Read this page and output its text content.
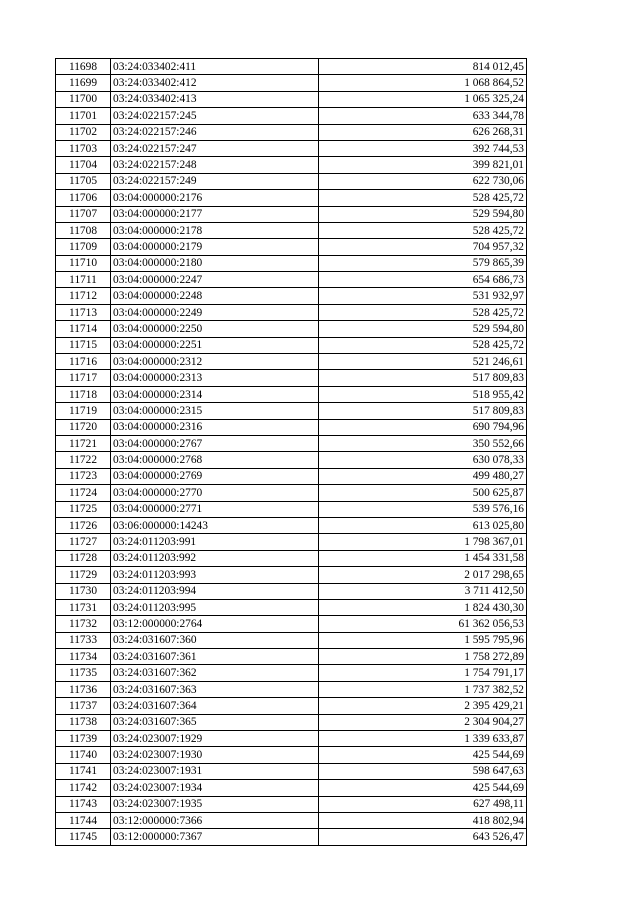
11698	03:24:033402:411	814 012,45
11699	03:24:033402:412	1 068 864,52
11700	03:24:033402:413	1 065 325,24
11701	03:24:022157:245	633 344,78
11702	03:24:022157:246	626 268,31
11703	03:24:022157:247	392 744,53
11704	03:24:022157:248	399 821,01
11705	03:24:022157:249	622 730,06
11706	03:04:000000:2176	528 425,72
11707	03:04:000000:2177	529 594,80
11708	03:04:000000:2178	528 425,72
11709	03:04:000000:2179	704 957,32
11710	03:04:000000:2180	579 865,39
11711	03:04:000000:2247	654 686,73
11712	03:04:000000:2248	531 932,97
11713	03:04:000000:2249	528 425,72
11714	03:04:000000:2250	529 594,80
11715	03:04:000000:2251	528 425,72
11716	03:04:000000:2312	521 246,61
11717	03:04:000000:2313	517 809,83
11718	03:04:000000:2314	518 955,42
11719	03:04:000000:2315	517 809,83
11720	03:04:000000:2316	690 794,96
11721	03:04:000000:2767	350 552,66
11722	03:04:000000:2768	630 078,33
11723	03:04:000000:2769	499 480,27
11724	03:04:000000:2770	500 625,87
11725	03:04:000000:2771	539 576,16
11726	03:06:000000:14243	613 025,80
11727	03:24:011203:991	1 798 367,01
11728	03:24:011203:992	1 454 331,58
11729	03:24:011203:993	2 017 298,65
11730	03:24:011203:994	3 711 412,50
11731	03:24:011203:995	1 824 430,30
11732	03:12:000000:2764	61 362 056,53
11733	03:24:031607:360	1 595 795,96
11734	03:24:031607:361	1 758 272,89
11735	03:24:031607:362	1 754 791,17
11736	03:24:031607:363	1 737 382,52
11737	03:24:031607:364	2 395 429,21
11738	03:24:031607:365	2 304 904,27
11739	03:24:023007:1929	1 339 633,87
11740	03:24:023007:1930	425 544,69
11741	03:24:023007:1931	598 647,63
11742	03:24:023007:1934	425 544,69
11743	03:24:023007:1935	627 498,11
11744	03:12:000000:7366	418 802,94
11745	03:12:000000:7367	643 526,47
